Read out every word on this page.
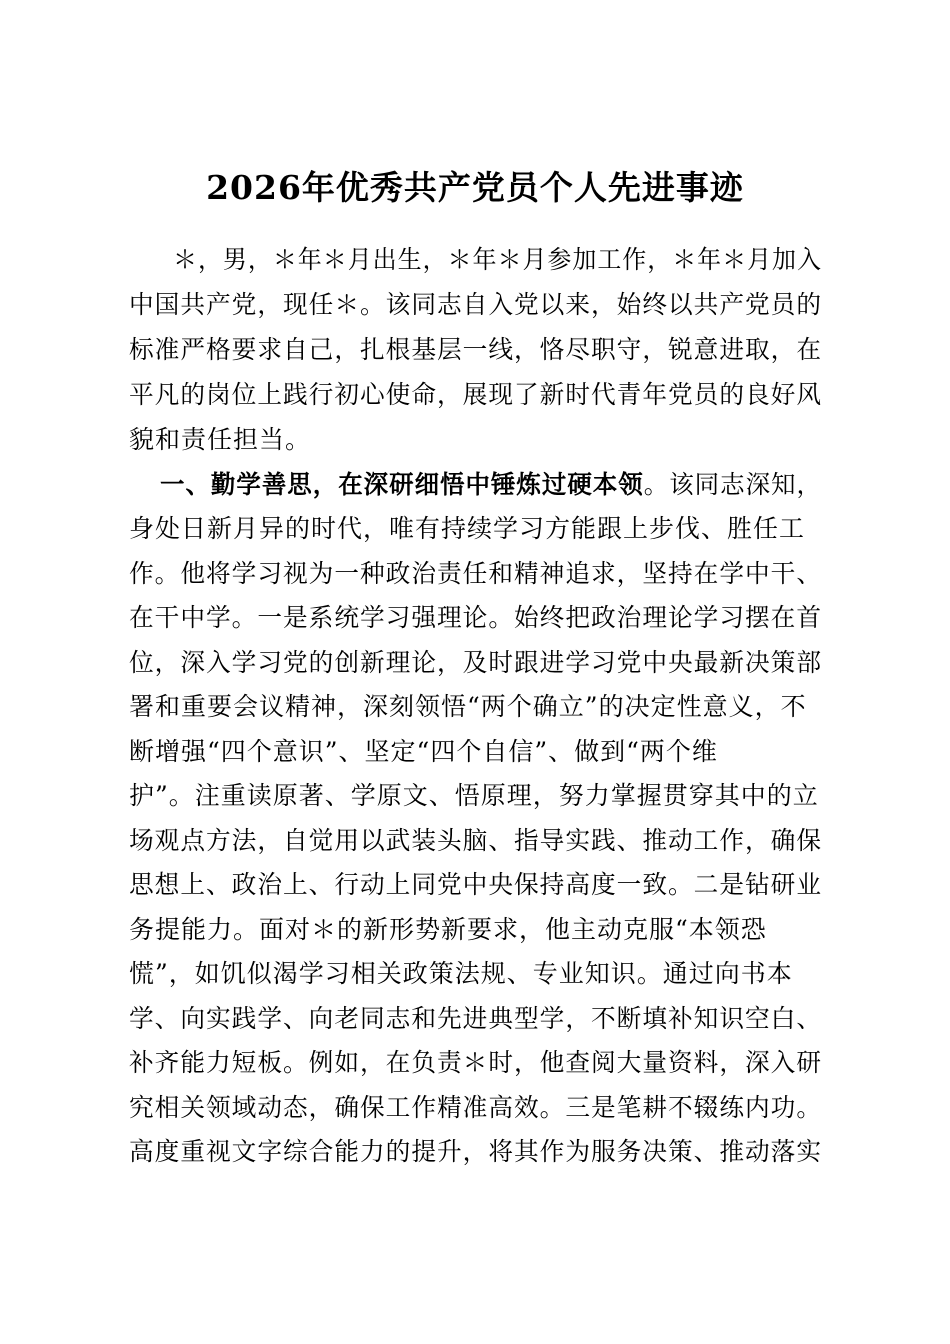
2026年优秀共产党员个人先进事迹
＊，男，＊年＊月出生，＊年＊月参加工作，＊年＊月加入
中国共产党，现任＊。该同志自入党以来，始终以共产党员的
标准严格要求自己，扎根基层一线，恪尽职守，锐意进取，在
平凡的岗位上践行初心使命，展现了新时代青年党员的良好风
貌和责任担当。
一、勤学善思，在深研细悟中锤炼过硬本领。该同志深知，
身处日新月异的时代，唯有持续学习方能跟上步伐、胜任工
作。他将学习视为一种政治责任和精神追求，坚持在学中干、
在干中学。一是系统学习强理论。始终把政治理论学习摆在首
位，深入学习党的创新理论，及时跟进学习党中央最新决策部
署和重要会议精神，深刻领悟“两个确立”的决定性意义，不
断增强“四个意识”、坚定“四个自信”、做到“两个维
护”。注重读原著、学原文、悟原理，努力掌握贯穿其中的立
场观点方法，自觉用以武装头脑、指导实践、推动工作，确保
思想上、政治上、行动上同党中央保持高度一致。二是钻研业
务提能力。面对＊的新形势新要求，他主动克服“本领恐
慌”，如饥似渴学习相关政策法规、专业知识。通过向书本
学、向实践学、向老同志和先进典型学，不断填补知识空白、
补齐能力短板。例如，在负责＊时，他查阅大量资料，深入研
究相关领域动态，确保工作精准高效。三是笔耕不辍练内功。
高度重视文字综合能力的提升，将其作为服务决策、推动落实
